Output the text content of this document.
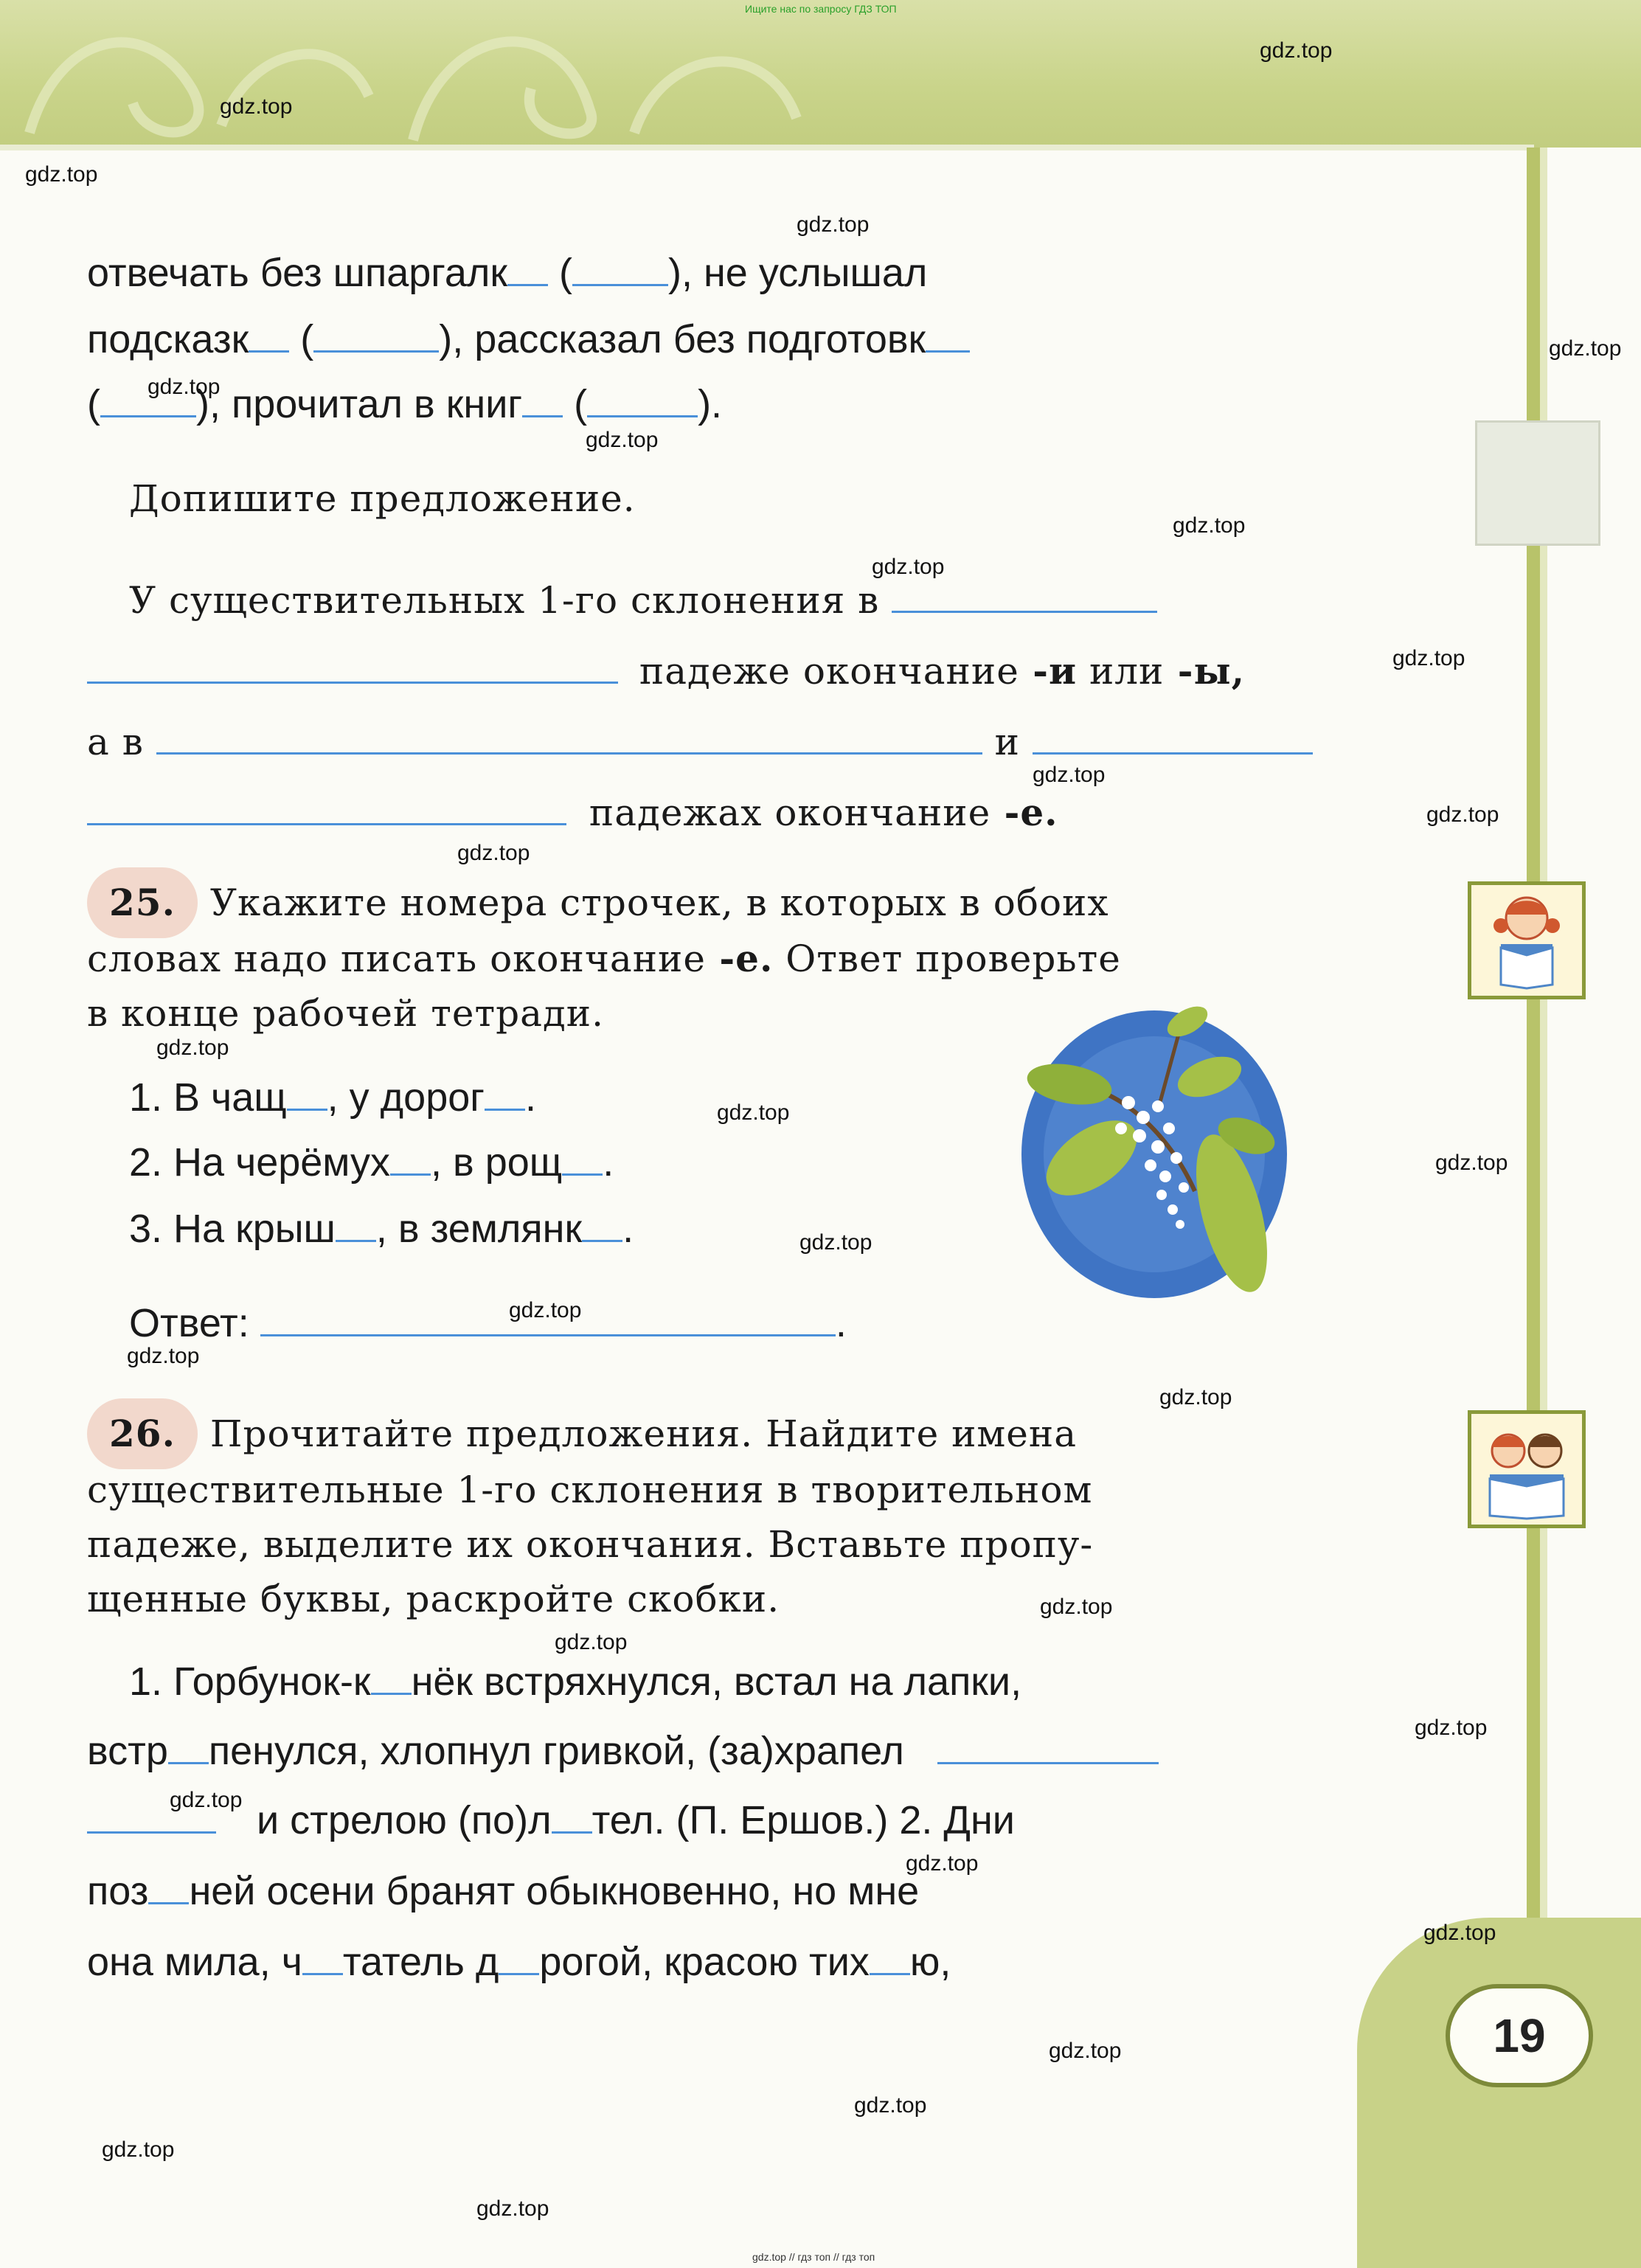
отвечать без шпаргалк ( ), не услышал
подсказк (	), рассказал без подготовк
( ), прочитал в книг (	).
Допишите предложение.
У существительных 1-го склонения в
падеже окончание -и или -ы,
а в	и
падежах окончание -е.
25. Укажите номера строчек, в которых в обоих
словах надо писать окончание -е. Ответ проверьте
в конце рабочей тетради.
1. В чащ , у дорог .
2. На черёмух , в рощ .
3. На крыш , в землянк .
Ответ:	.
26. Прочитайте предложения. Найдите имена
существительные 1-го склонения в творительном
падеже, выделите их окончания. Вставьте пропу-
щенные буквы, раскройте скобки.
1. Горбунок-к нёк встряхнулся, встал на лапки,
встр пенулся, хлопнул гривкой, (за)храпел
и стрелою (по)л тел. (П. Ершов.) 2. Дни
поз ней осени бранят обыкновенно, но мне
она мила, ч татель д рогой, красою тих ю,
19
Ищите нас по запросу ГДЗ ТОП
gdz.top // гдз топ // гдз топ
gdz.top
gdz.top
gdz.top
gdz.top
gdz.top
gdz.top
gdz.top
gdz.top
gdz.top
gdz.top
gdz.top
gdz.top
gdz.top
gdz.top
gdz.top
gdz.top
gdz.top
gdz.top
gdz.top
gdz.top
gdz.top
gdz.top
gdz.top
gdz.top
gdz.top
gdz.top
gdz.top
gdz.top
gdz.top
gdz.top
